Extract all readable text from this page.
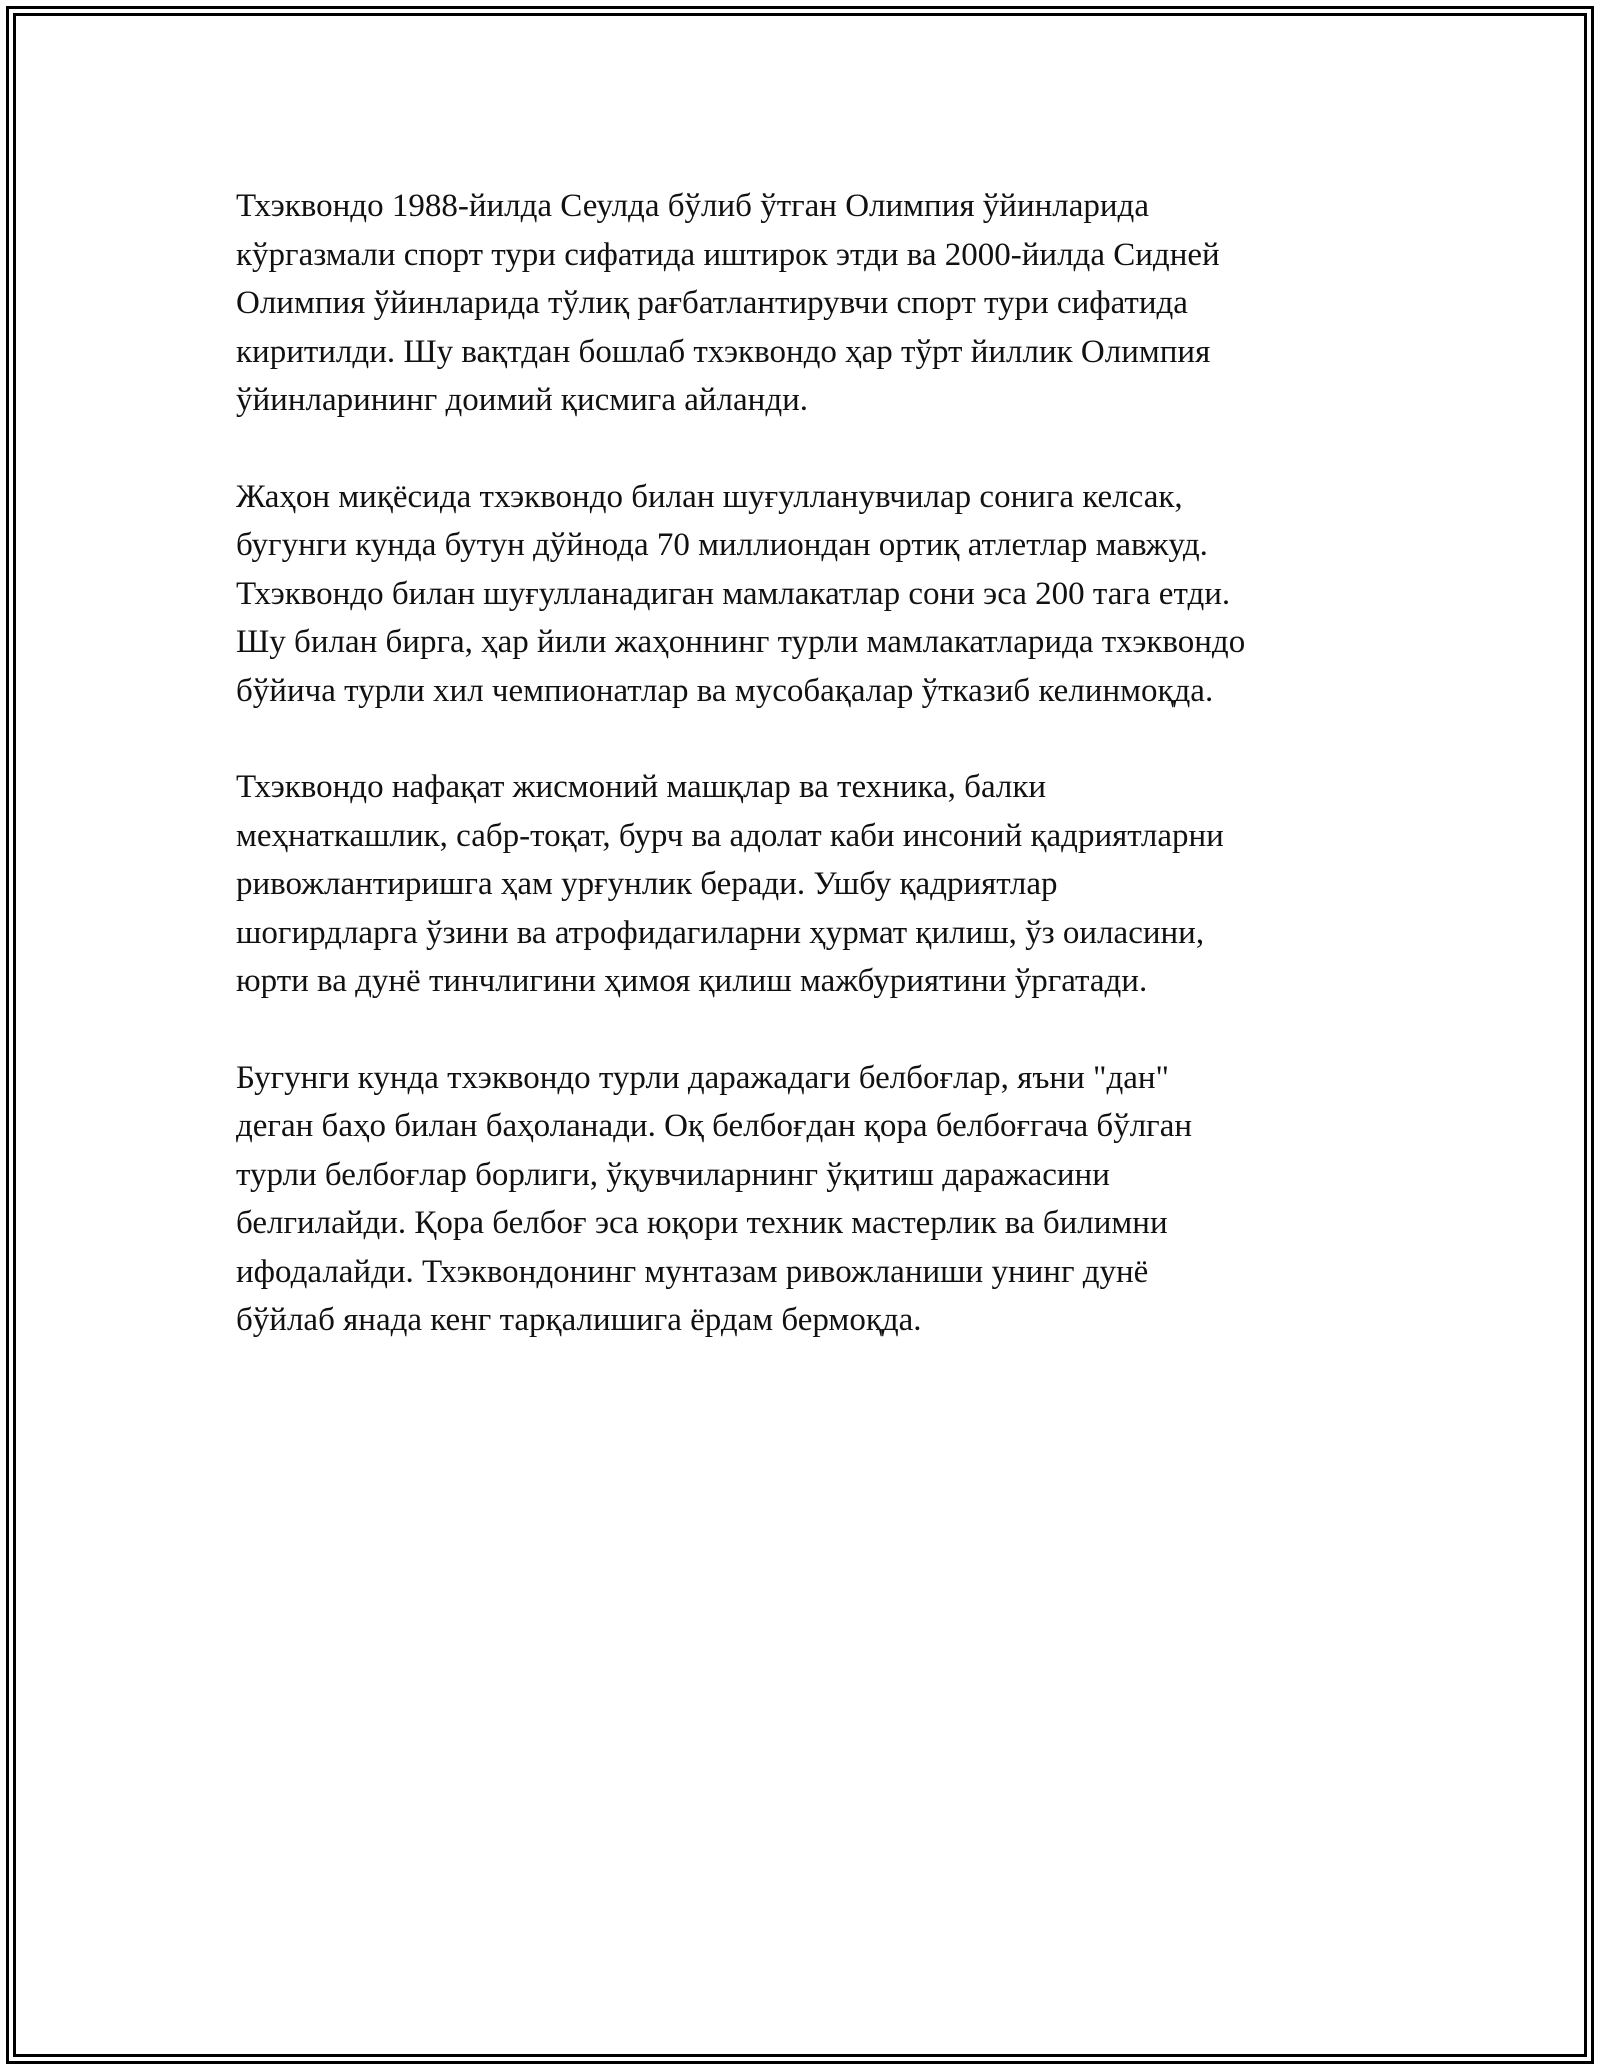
Тхэквондо 1988-йилда Сеулда бўлиб ўтган Олимпия ўйинларида
кўргазмали спорт тури сифатида иштирок этди ва 2000-йилда Сидней
Олимпия ўйинларида тўлиқ рағбатлантирувчи спорт тури сифатида
киритилди. Шу вақтдан бошлаб тхэквондо ҳар тўрт йиллик Олимпия
ўйинларининг доимий қисмига айланди.

Жаҳон миқёсида тхэквондо билан шуғулланувчилар сонига келсак,
бугунги кунда бутун дўйнода 70 миллиондан ортиқ атлетлар мавжуд.
Тхэквондо билан шуғулланадиган мамлакатлар сони эса 200 тага етди.
Шу билан бирга, ҳар йили жаҳоннинг турли мамлакатларида тхэквондо
бўйича турли хил чемпионатлар ва мусобақалар ўтказиб келинмоқда.

Тхэквондо нафақат жисмоний машқлар ва техника, балки
меҳнаткашлик, сабр-тоқат, бурч ва адолат каби инсоний қадриятларни
ривожлантиришга ҳам урғунлик беради. Ушбу қадриятлар
шогирдларга ўзини ва атрофидагиларни ҳурмат қилиш, ўз оиласини,
юрти ва дунё тинчлигини ҳимоя қилиш мажбуриятини ўргатади.

Бугунги кунда тхэквондо турли даражадаги белбоғлар, яъни "дан"
деган баҳо билан баҳоланади. Оқ белбоғдан қора белбоғгача бўлган
турли белбоғлар борлиги, ўқувчиларнинг ўқитиш даражасини
белгилайди. Қора белбоғ эса юқори техник мастерлик ва билимни
ифодалайди. Тхэквондонинг мунтазам ривожланиши унинг дунё
бўйлаб янада кенг тарқалишига ёрдам бермоқда.
